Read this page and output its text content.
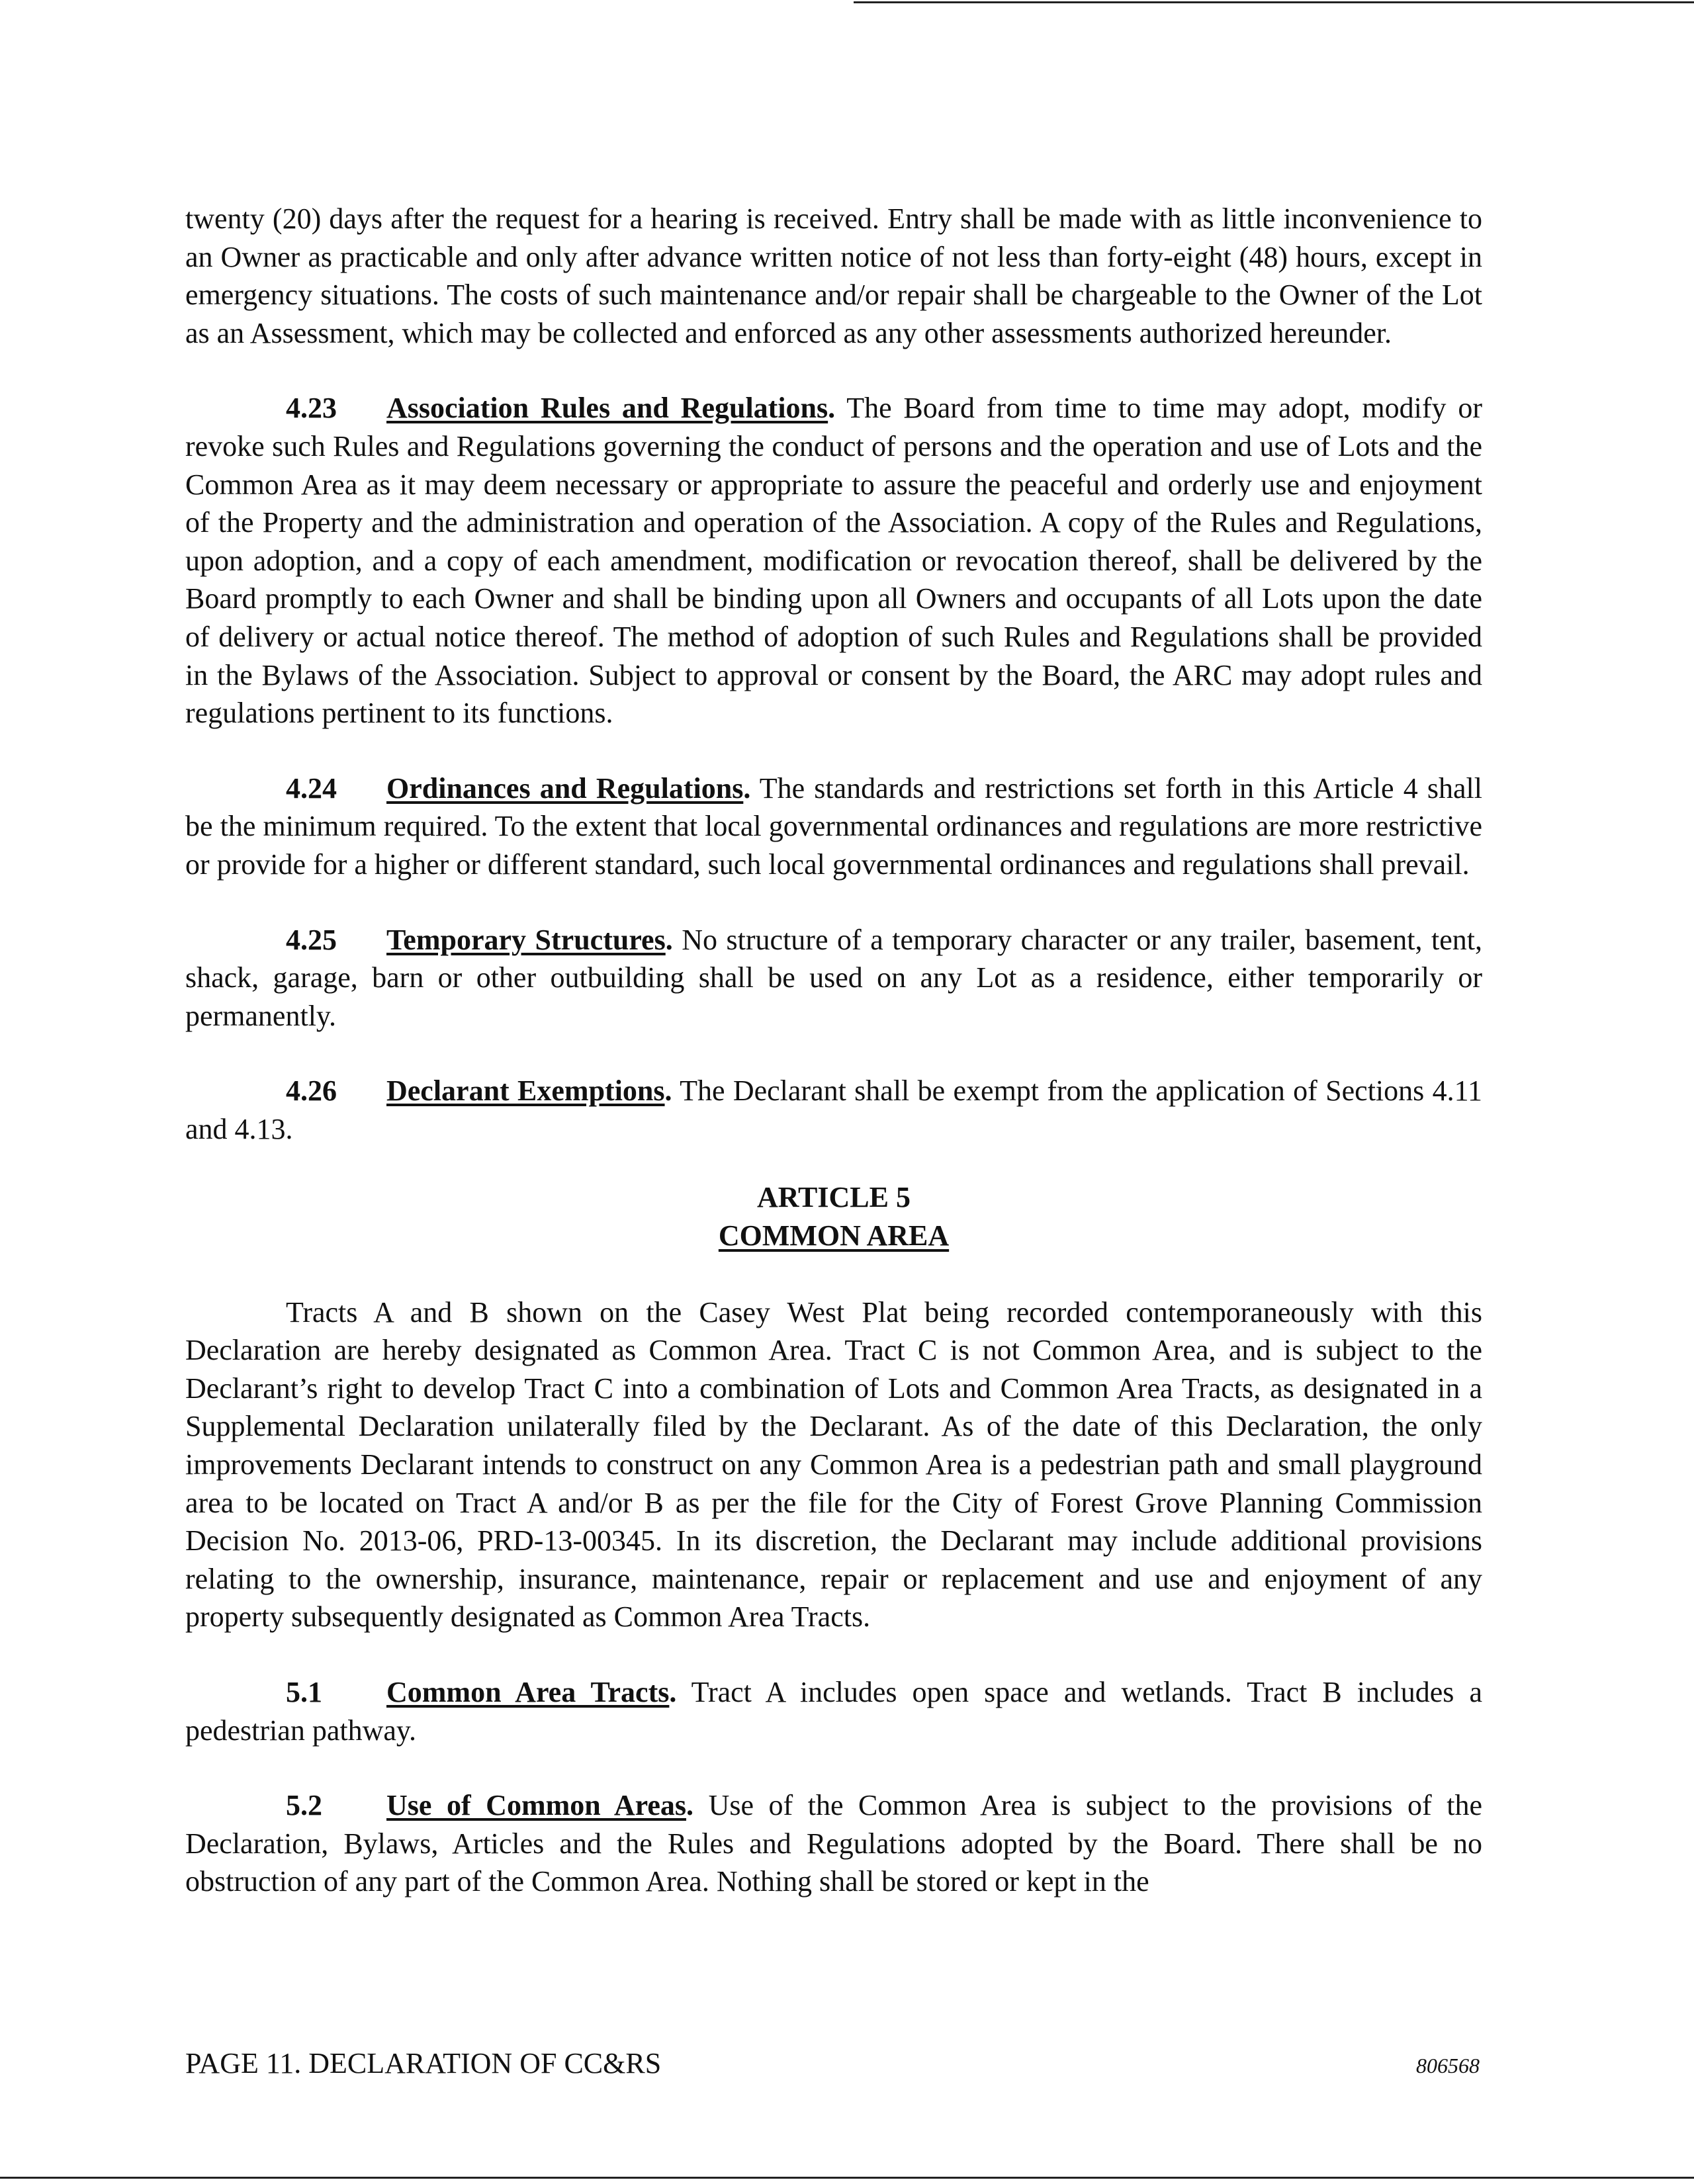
twenty (20) days after the request for a hearing is received. Entry shall be made with as little inconvenience to an Owner as practicable and only after advance written notice of not less than forty-eight (48) hours, except in emergency situations. The costs of such maintenance and/or repair shall be chargeable to the Owner of the Lot as an Assessment, which may be collected and enforced as any other assessments authorized hereunder.

4.23 Association Rules and Regulations. The Board from time to time may adopt, modify or revoke such Rules and Regulations governing the conduct of persons and the operation and use of Lots and the Common Area as it may deem necessary or appropriate to assure the peaceful and orderly use and enjoyment of the Property and the administration and operation of the Association. A copy of the Rules and Regulations, upon adoption, and a copy of each amendment, modification or revocation thereof, shall be delivered by the Board promptly to each Owner and shall be binding upon all Owners and occupants of all Lots upon the date of delivery or actual notice thereof. The method of adoption of such Rules and Regulations shall be provided in the Bylaws of the Association. Subject to approval or consent by the Board, the ARC may adopt rules and regulations pertinent to its functions.

4.24 Ordinances and Regulations. The standards and restrictions set forth in this Article 4 shall be the minimum required. To the extent that local governmental ordinances and regulations are more restrictive or provide for a higher or different standard, such local governmental ordinances and regulations shall prevail.

4.25 Temporary Structures. No structure of a temporary character or any trailer, basement, tent, shack, garage, barn or other outbuilding shall be used on any Lot as a residence, either temporarily or permanently.

4.26 Declarant Exemptions. The Declarant shall be exempt from the application of Sections 4.11 and 4.13.

ARTICLE 5
COMMON AREA

Tracts A and B shown on the Casey West Plat being recorded contemporaneously with this Declaration are hereby designated as Common Area. Tract C is not Common Area, and is subject to the Declarant’s right to develop Tract C into a combination of Lots and Common Area Tracts, as designated in a Supplemental Declaration unilaterally filed by the Declarant. As of the date of this Declaration, the only improvements Declarant intends to construct on any Common Area is a pedestrian path and small playground area to be located on Tract A and/or B as per the file for the City of Forest Grove Planning Commission Decision No. 2013-06, PRD-13-00345. In its discretion, the Declarant may include additional provisions relating to the ownership, insurance, maintenance, repair or replacement and use and enjoyment of any property subsequently designated as Common Area Tracts.

5.1 Common Area Tracts. Tract A includes open space and wetlands. Tract B includes a pedestrian pathway.

5.2 Use of Common Areas. Use of the Common Area is subject to the provisions of the Declaration, Bylaws, Articles and the Rules and Regulations adopted by the Board. There shall be no obstruction of any part of the Common Area. Nothing shall be stored or kept in the

PAGE 11. DECLARATION OF CC&RS	806568
